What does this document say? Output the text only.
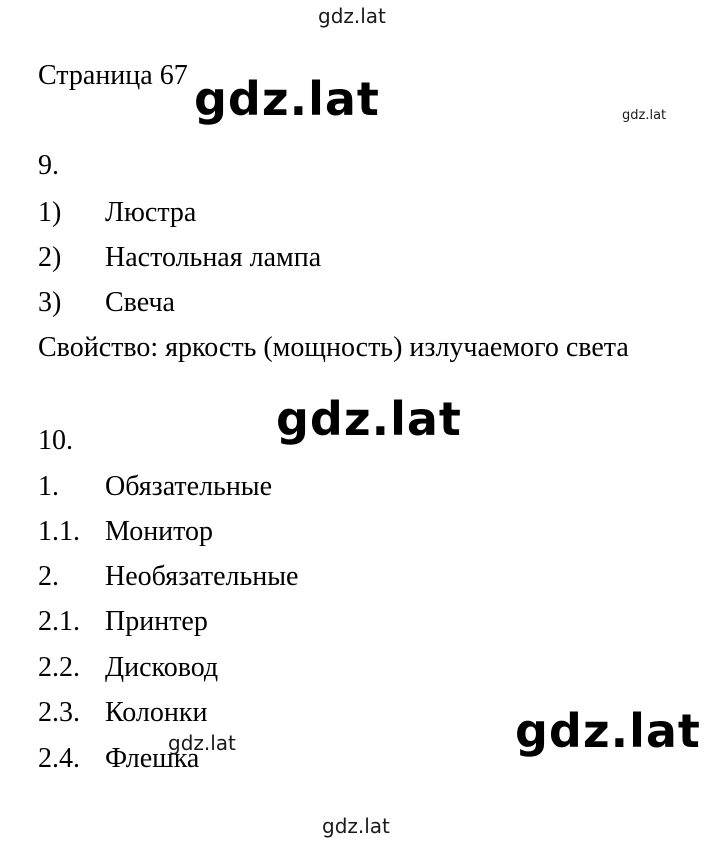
gdz.lat
Страница 67 gdz.lat	gdz.lat
9.
1) Люстра
2) Настольная лампа
3) Свеча
Свойство: яркость (мощность) излучаемого света
gdz.lat
10.
1. Обязательные
1.1. Монитор
2. Необязательные
2.1. Принтер
2.2. Дисковод
2.3. Колонки
2.4. Флешка
gdz.lat	gdz.lat
gdz.lat
